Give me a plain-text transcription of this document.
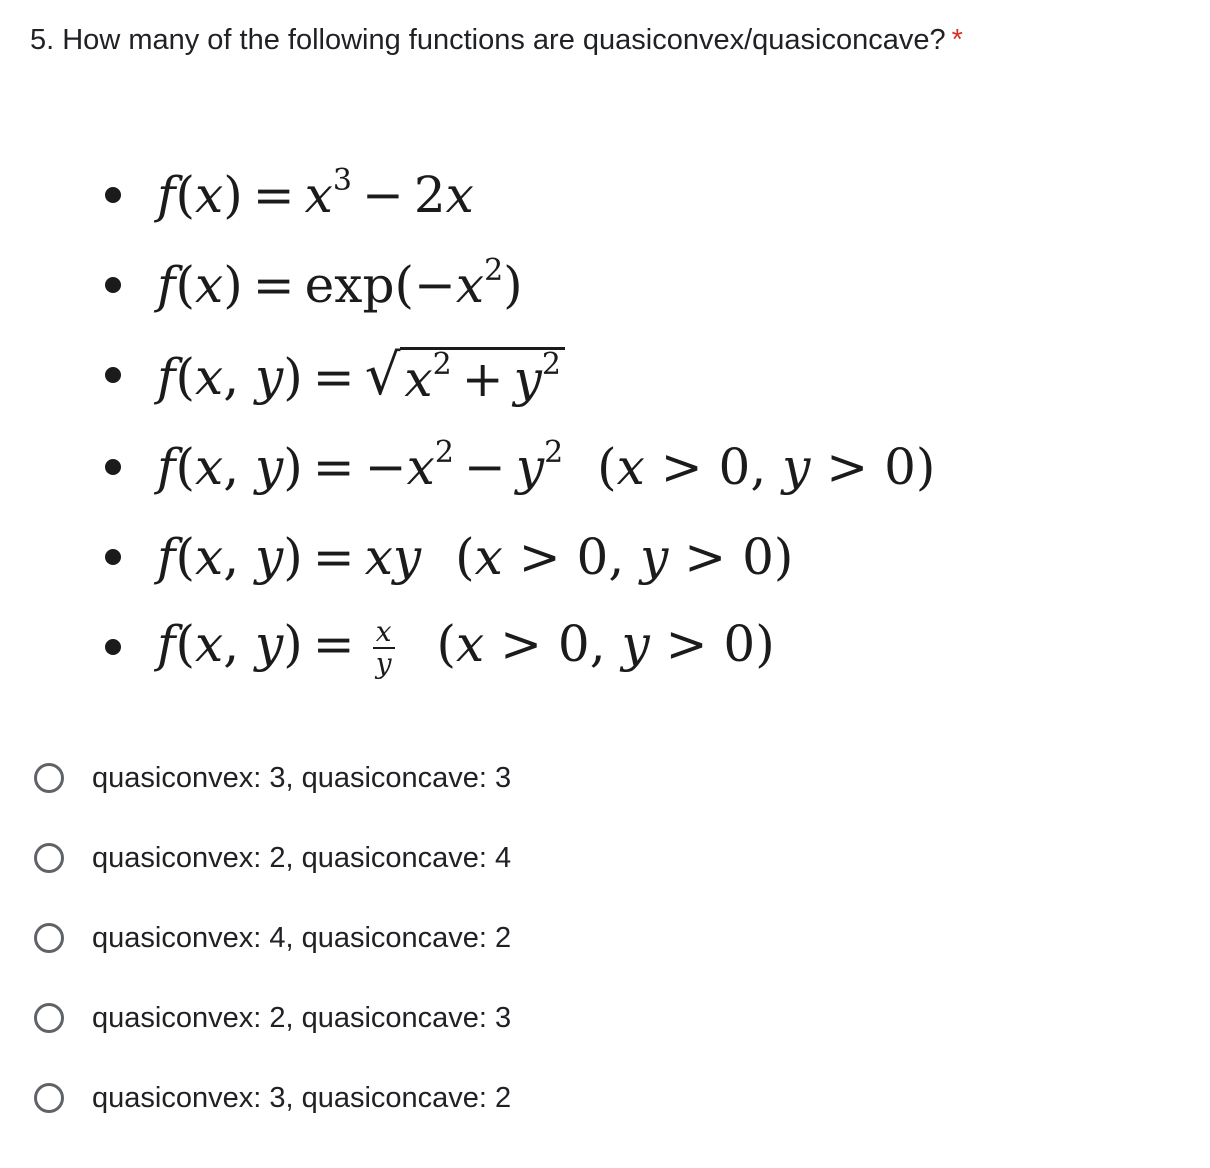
5. How many of the following functions are quasiconvex/quasiconcave? *
$f(x) = x^3 - 2x$
$f(x) = \exp(-x^2)$
f(x, y) = √ $x^2 + y^2$
f(x, $y) = -x^2 - y^2$ (x > 0, y > 0)
f(x, y) = xy (x > 0, y > 0)
f(x, $y) = \frac{x}{y} (x > 0$, y > 0)
quasiconvex: 3, quasiconcave: 3
quasiconvex: 2, quasiconcave: 4
quasiconvex: 4, quasiconcave: 2
quasiconvex: 2, quasiconcave: 3
quasiconvex: 3, quasiconcave: 2
